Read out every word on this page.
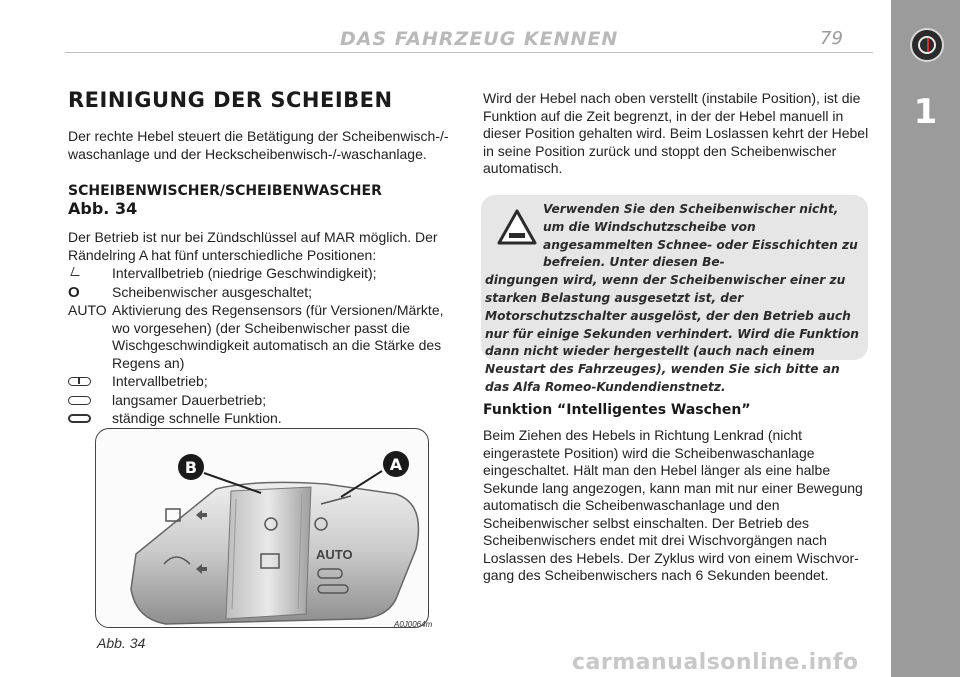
DAS FAHRZEUG KENNEN	79
1
REINIGUNG DER SCHEIBEN
Der rechte Hebel steuert die Betätigung der Scheibenwisch-/-waschanlage und der Heckscheibenwisch-/-waschanlage.
SCHEIBENWISCHER/SCHEIBENWASCHER
Abb. 34
Der Betrieb ist nur bei Zündschlüssel auf MAR möglich. Der Rändelring A hat fünf unterschiedliche Positionen:
Intervallbetrieb (niedrige Geschwindigkeit);
O	Scheibenwischer ausgeschaltet;
AUTO Aktivierung des Regensensors (für Versionen/Märkte, wo vorgesehen) (der Scheibenwischer passt die Wischgeschwindigkeit automatisch an die Stärke des Regens an)
Intervallbetrieb;
langsamer Dauerbetrieb;
ständige schnelle Funktion.
AUTO
B	A
Abb. 34
A0J0064m
Wird der Hebel nach oben verstellt (instabile Position), ist die Funktion auf die Zeit begrenzt, in der der Hebel manuell in dieser Position gehalten wird. Beim Loslassen kehrt der Hebel in seine Position zurück und stoppt den Scheibenwischer automatisch.
Verwenden Sie den Scheibenwischer nicht, um die Windschutzscheibe von angesammelten Schnee- oder Eisschichten zu befreien. Unter diesen Be-
dingungen wird, wenn der Scheibenwischer einer zu starken Belastung ausgesetzt ist, der Motorschutzschalter ausgelöst, der den Betrieb auch nur für einige Sekunden verhindert. Wird die Funktion dann nicht wieder hergestellt (auch nach einem Neustart des Fahrzeuges), wenden Sie sich bitte an das Alfa Romeo-Kundendienstnetz.
Funktion “Intelligentes Waschen”
Beim Ziehen des Hebels in Richtung Lenkrad (nicht eingerastete Position) wird die Scheibenwaschanlage eingeschaltet. Hält man den Hebel länger als eine halbe Sekunde lang angezogen, kann man mit nur einer Bewegung automatisch die Scheibenwaschanlage und den Scheibenwischer selbst einschalten. Der Betrieb des Scheibenwischers endet mit drei Wischvorgängen nach Loslassen des Hebels. Der Zyklus wird von einem Wischvorgang des Scheibenwischers nach 6 Sekunden beendet.
carmanualsonline.info
